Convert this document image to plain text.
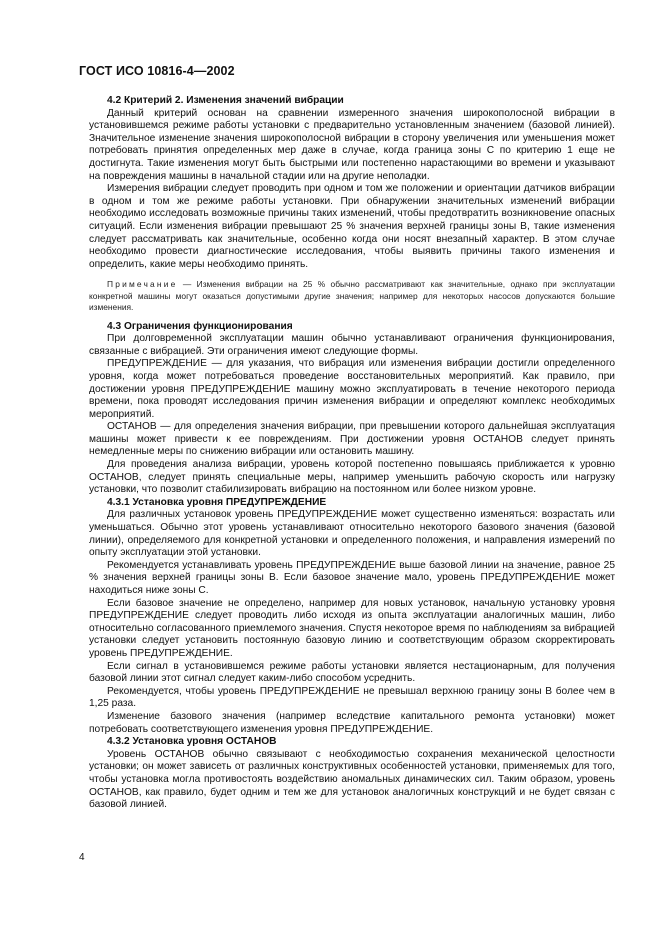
ГОСТ ИСО 10816-4—2002

4.2 Критерий 2. Изменения значений вибрации

Данный критерий основан на сравнении измеренного значения широкополосной вибрации в установившемся режиме работы установки с предварительно установленным значением (базовой линией). Значительное изменение значения широкополосной вибрации в сторону увеличения или уменьшения может потребовать принятия определенных мер даже в случае, когда граница зоны С по критерию 1 еще не достигнута. Такие изменения могут быть быстрыми или постепенно нарастающими во времени и указывают на повреждения машины в начальной стадии или на другие неполадки.

Измерения вибрации следует проводить при одном и том же положении и ориентации датчиков вибрации в одном и том же режиме работы установки. При обнаружении значительных изменений вибрации необходимо исследовать возможные причины таких изменений, чтобы предотвратить возникновение опасных ситуаций. Если изменения вибрации превышают 25 % значения верхней границы зоны В, такие изменения следует рассматривать как значительные, особенно когда они носят внезапный характер. В этом случае необходимо провести диагностические исследования, чтобы выявить причины такого изменения и определить, какие меры необходимо принять.

Примечание — Изменения вибрации на 25 % обычно рассматривают как значительные, однако при эксплуатации конкретной машины могут оказаться допустимыми другие значения; например для некоторых насосов допускаются большие изменения.

4.3 Ограничения функционирования

При долговременной эксплуатации машин обычно устанавливают ограничения функционирования, связанные с вибрацией. Эти ограничения имеют следующие формы.

ПРЕДУПРЕЖДЕНИЕ — для указания, что вибрация или изменения вибрации достигли определенного уровня, когда может потребоваться проведение восстановительных мероприятий. Как правило, при достижении уровня ПРЕДУПРЕЖДЕНИЕ машину можно эксплуатировать в течение некоторого периода времени, пока проводят исследования причин изменения вибрации и определяют комплекс необходимых мероприятий.

ОСТАНОВ — для определения значения вибрации, при превышении которого дальнейшая эксплуатация машины может привести к ее повреждениям. При достижении уровня ОСТАНОВ следует принять немедленные меры по снижению вибрации или остановить машину.

Для проведения анализа вибрации, уровень которой постепенно повышаясь приближается к уровню ОСТАНОВ, следует принять специальные меры, например уменьшить рабочую скорость или нагрузку установки, что позволит стабилизировать вибрацию на постоянном или более низком уровне.

4.3.1 Установка уровня ПРЕДУПРЕЖДЕНИЕ

Для различных установок уровень ПРЕДУПРЕЖДЕНИЕ может существенно изменяться: возрастать или уменьшаться. Обычно этот уровень устанавливают относительно некоторого базового значения (базовой линии), определяемого для конкретной установки и определенного положения, и направления измерений по опыту эксплуатации этой установки.

Рекомендуется устанавливать уровень ПРЕДУПРЕЖДЕНИЕ выше базовой линии на значение, равное 25 % значения верхней границы зоны В. Если базовое значение мало, уровень ПРЕДУПРЕЖДЕНИЕ может находиться ниже зоны С.

Если базовое значение не определено, например для новых установок, начальную установку уровня ПРЕДУПРЕЖДЕНИЕ следует проводить либо исходя из опыта эксплуатации аналогичных машин, либо относительно согласованного приемлемого значения. Спустя некоторое время по наблюдениям за вибрацией установки следует установить постоянную базовую линию и соответствующим образом скорректировать уровень ПРЕДУПРЕЖДЕНИЕ.

Если сигнал в установившемся режиме работы установки является нестационарным, для получения базовой линии этот сигнал следует каким-либо способом усреднить.

Рекомендуется, чтобы уровень ПРЕДУПРЕЖДЕНИЕ не превышал верхнюю границу зоны В более чем в 1,25 раза.

Изменение базового значения (например вследствие капитального ремонта установки) может потребовать соответствующего изменения уровня ПРЕДУПРЕЖДЕНИЕ.

4.3.2 Установка уровня ОСТАНОВ

Уровень ОСТАНОВ обычно связывают с необходимостью сохранения механической целостности установки; он может зависеть от различных конструктивных особенностей установки, применяемых для того, чтобы установка могла противостоять воздействию аномальных динамических сил. Таким образом, уровень ОСТАНОВ, как правило, будет одним и тем же для установок аналогичных конструкций и не будет связан с базовой линией.

4
